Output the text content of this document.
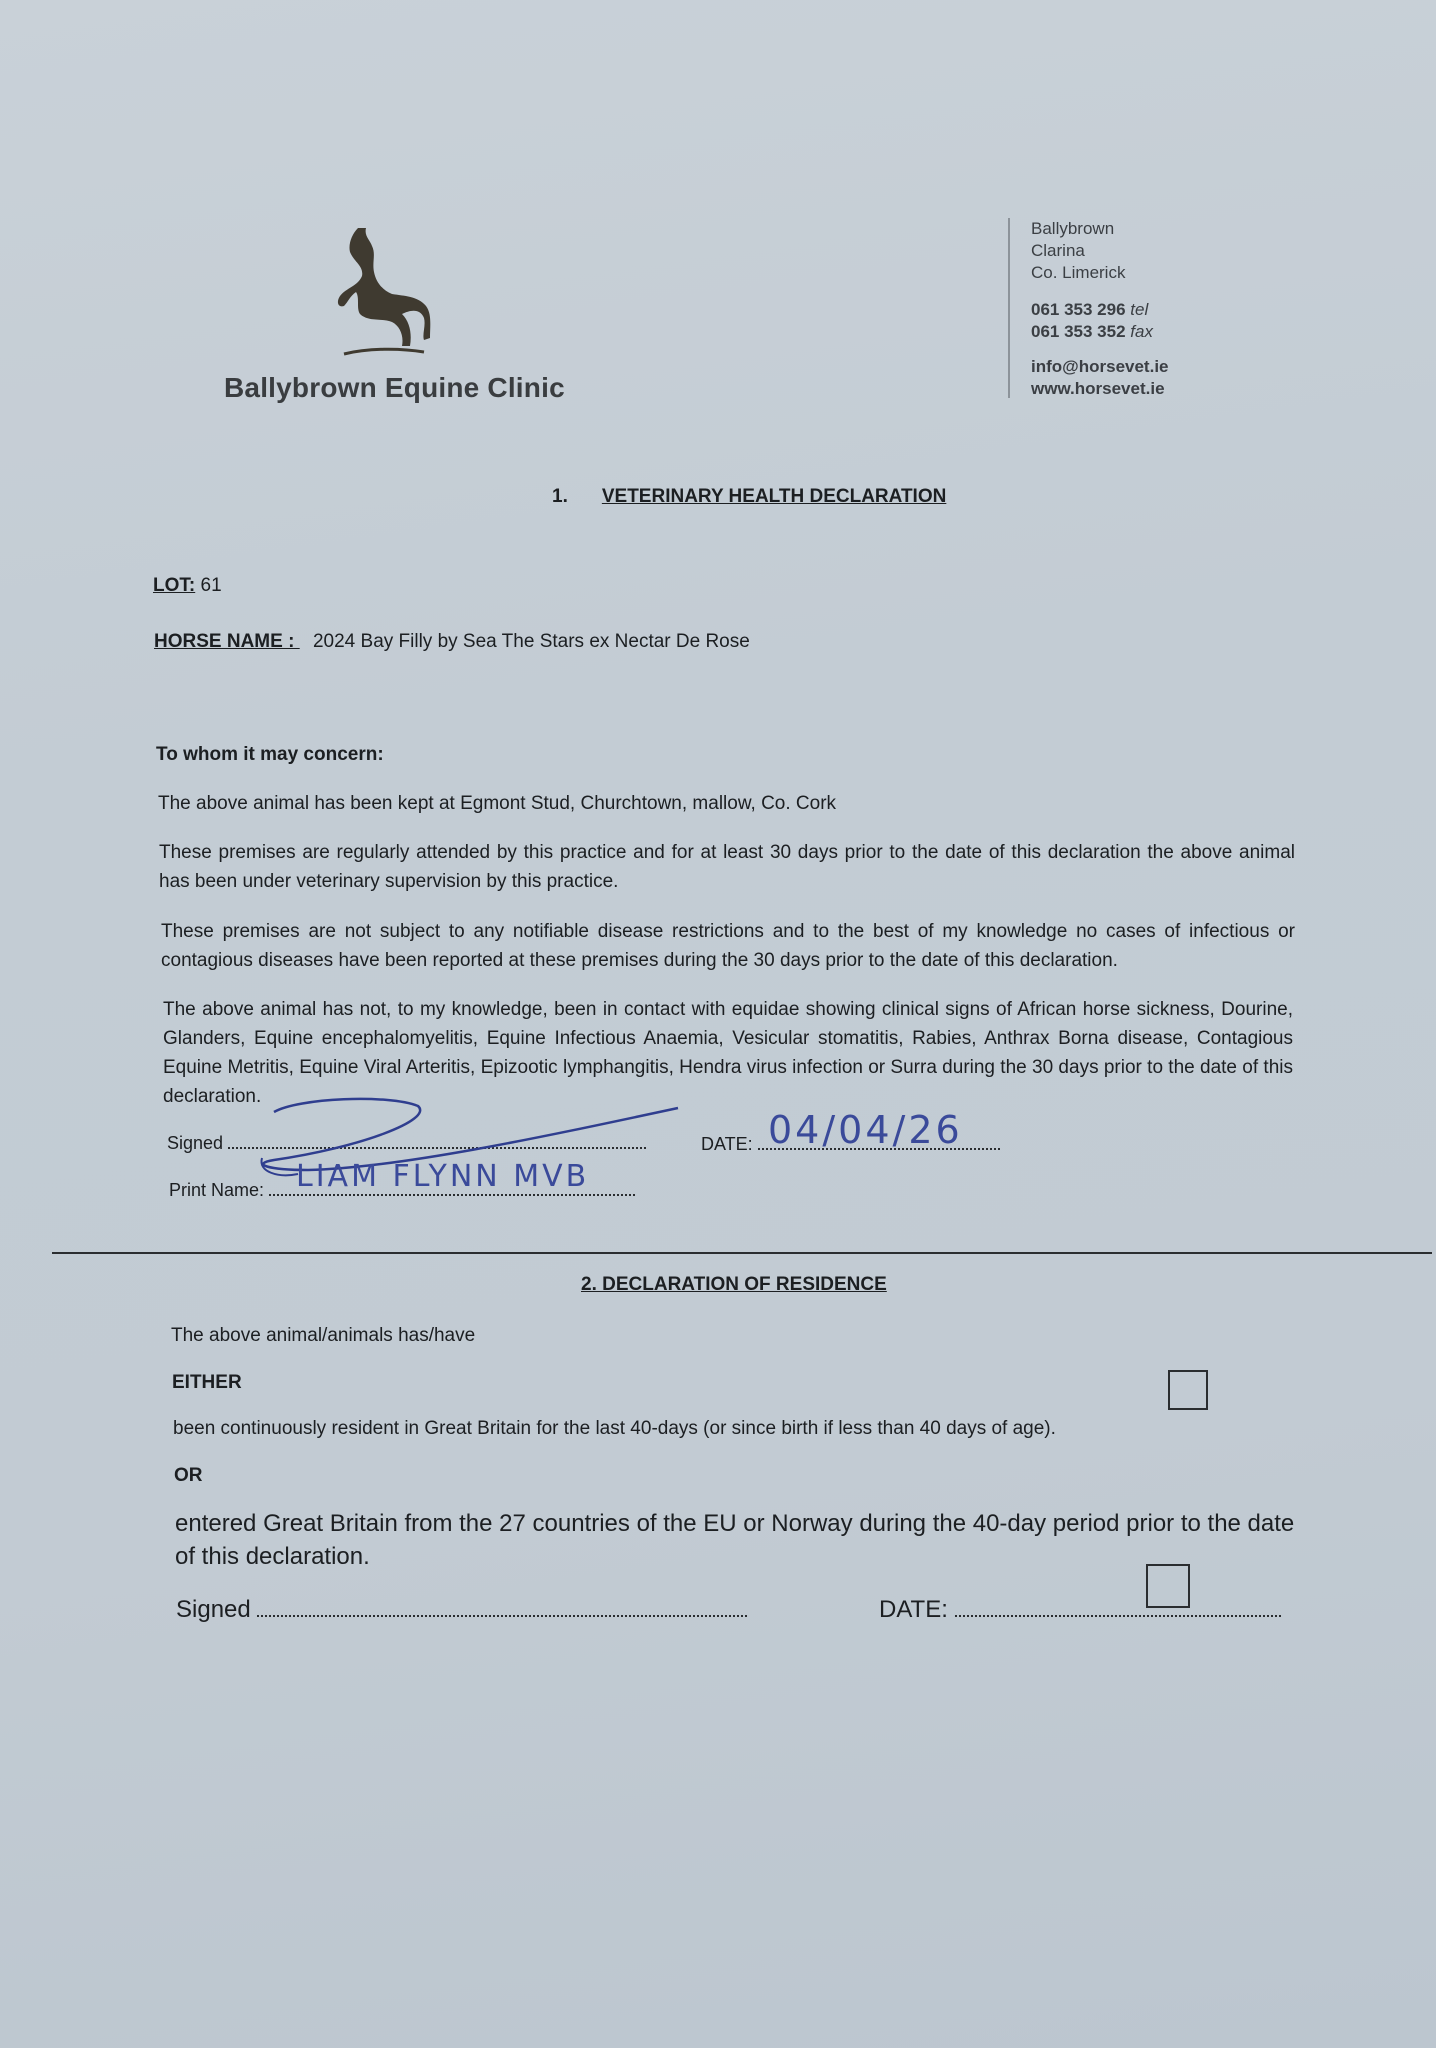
Ballybrown Equine Clinic
Ballybrown
Clarina
Co. Limerick
061 353 296 tel
061 353 352 fax
info@horsevet.ie
www.horsevet.ie
1. VETERINARY HEALTH DECLARATION
LOT: 61
HORSE NAME :  2024 Bay Filly by Sea The Stars ex Nectar De Rose
To whom it may concern:
The above animal has been kept at Egmont Stud, Churchtown, mallow, Co. Cork
These premises are regularly attended by this practice and for at least 30 days prior to the date of this declaration the above animal has been under veterinary supervision by this practice.
These premises are not subject to any notifiable disease restrictions and to the best of my knowledge no cases of infectious or contagious diseases have been reported at these premises during the 30 days prior to the date of this declaration.
The above animal has not, to my knowledge, been in contact with equidae showing clinical signs of African horse sickness, Dourine, Glanders, Equine encephalomyelitis, Equine Infectious Anaemia, Vesicular stomatitis, Rabies, Anthrax Borna disease, Contagious Equine Metritis, Equine Viral Arteritis, Epizootic lymphangitis, Hendra virus infection or Surra during the 30 days prior to the date of this declaration.
Signed	DATE: 04/04/26
Print Name:	LIAM FLYNN MVB
2. DECLARATION OF RESIDENCE
The above animal/animals has/have
EITHER
been continuously resident in Great Britain for the last 40-days (or since birth if less than 40 days of age).
OR
entered Great Britain from the 27 countries of the EU or Norway during the 40-day period prior to the date of this declaration.
Signed	DATE:
